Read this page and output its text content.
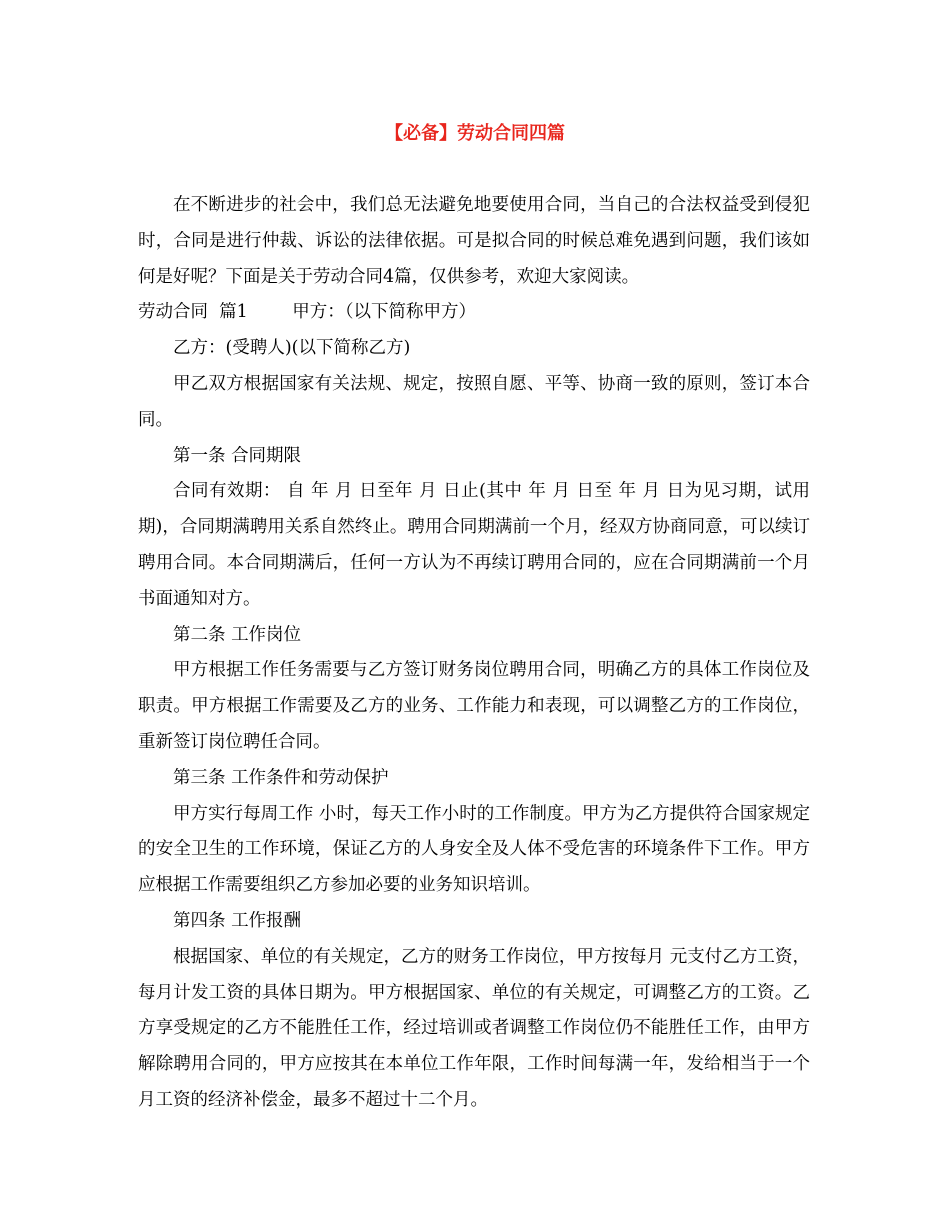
【必备】劳动合同四篇

在不断进步的社会中，我们总无法避免地要使用合同，当自己的合法权益受到侵犯时，合同是进行仲裁、诉讼的法律依据。可是拟合同的时候总难免遇到问题，我们该如何是好呢？下面是关于劳动合同4篇，仅供参考，欢迎大家阅读。

劳动合同  篇1        甲方：（以下简称甲方）

乙方：(受聘人)(以下简称乙方)

甲乙双方根据国家有关法规、规定，按照自愿、平等、协商一致的原则，签订本合同。

第一条 合同期限

合同有效期： 自 年 月 日至年 月 日止(其中 年 月 日至 年 月 日为见习期，试用期)，合同期满聘用关系自然终止。聘用合同期满前一个月，经双方协商同意，可以续订聘用合同。本合同期满后，任何一方认为不再续订聘用合同的，应在合同期满前一个月书面通知对方。

第二条 工作岗位

甲方根据工作任务需要与乙方签订财务岗位聘用合同，明确乙方的具体工作岗位及职责。甲方根据工作需要及乙方的业务、工作能力和表现，可以调整乙方的工作岗位，重新签订岗位聘任合同。

第三条 工作条件和劳动保护

甲方实行每周工作 小时，每天工作小时的工作制度。甲方为乙方提供符合国家规定的安全卫生的工作环境，保证乙方的人身安全及人体不受危害的环境条件下工作。甲方应根据工作需要组织乙方参加必要的业务知识培训。

第四条 工作报酬

根据国家、单位的有关规定，乙方的财务工作岗位，甲方按每月 元支付乙方工资，每月计发工资的具体日期为。甲方根据国家、单位的有关规定，可调整乙方的工资。乙方享受规定的乙方不能胜任工作，经过培训或者调整工作岗位仍不能胜任工作，由甲方解除聘用合同的，甲方应按其在本单位工作年限，工作时间每满一年，发给相当于一个月工资的经济补偿金，最多不超过十二个月。
